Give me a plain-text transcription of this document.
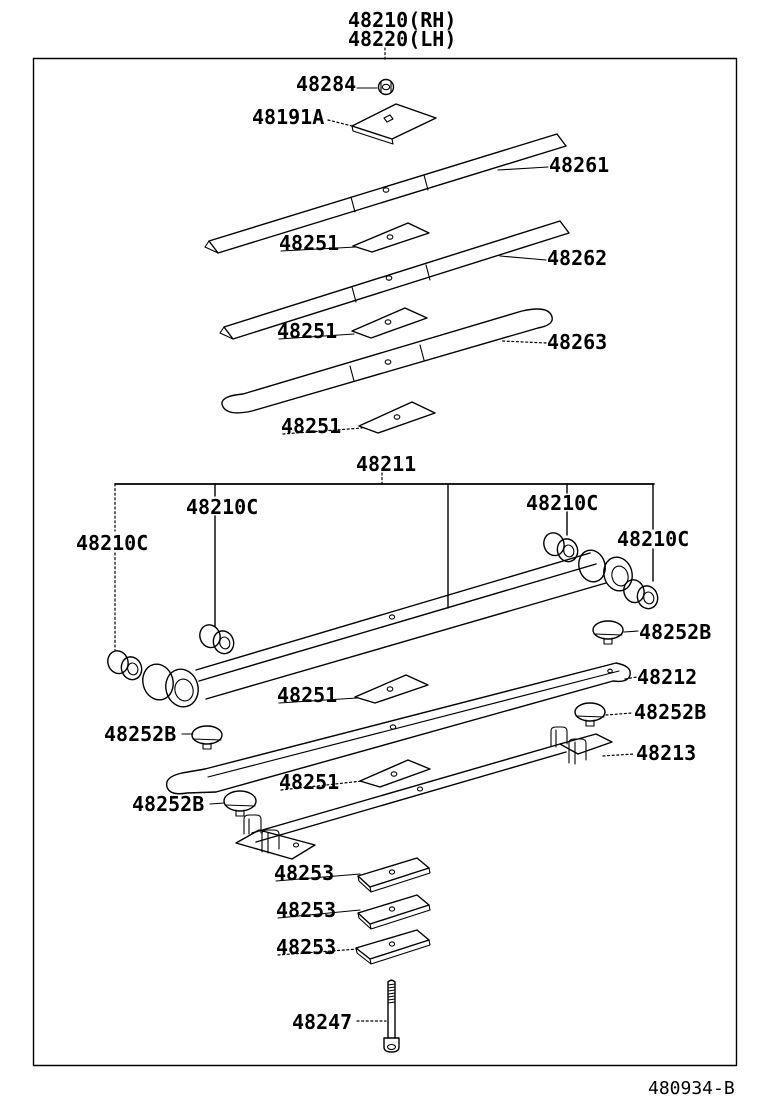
48210(RH)
48220(LH)
48284
48191A
48261
48251
48262
48251	48263
48251
48211
48210C
48210C	48210C
48210C
48252B
48212
48252B
48213
48251
48252B
48251
48252B
48253
48253
48253
48247
480934-B
